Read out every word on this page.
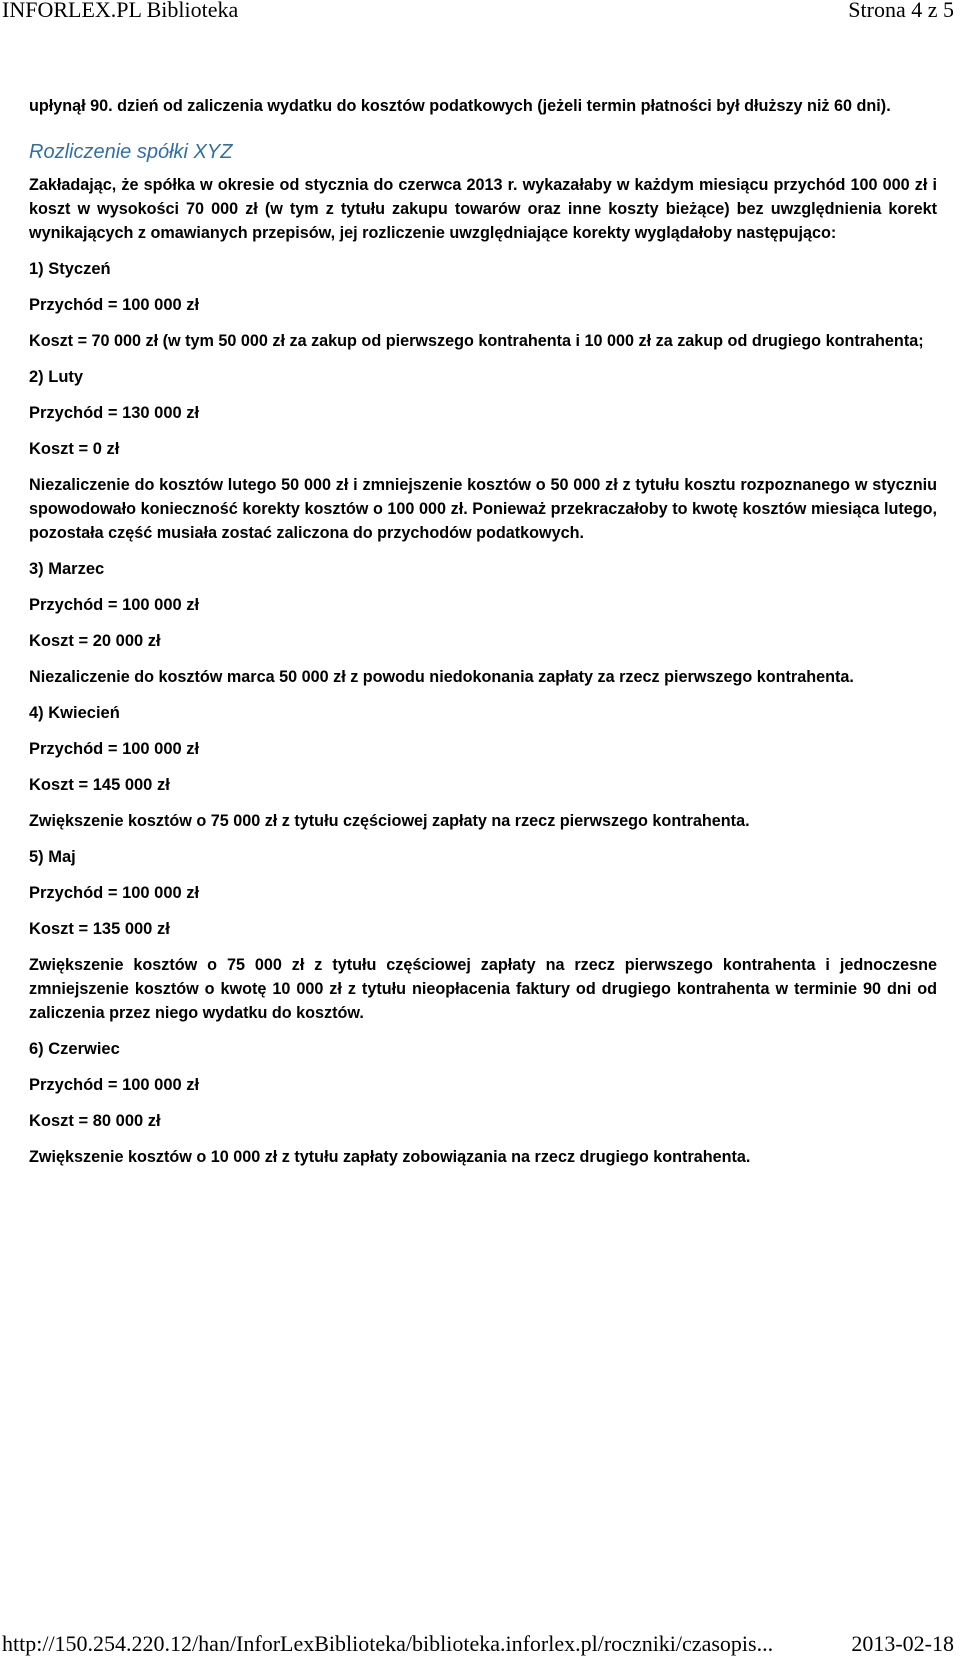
INFORLEX.PL Biblioteka	Strona 4 z 5

upłynął 90. dzień od zaliczenia wydatku do kosztów podatkowych (jeżeli termin płatności był dłuższy niż 60 dni).

Rozliczenie spółki XYZ

Zakładając, że spółka w okresie od stycznia do czerwca 2013 r. wykazałaby w każdym miesiącu przychód 100 000 zł i koszt w wysokości 70 000 zł (w tym z tytułu zakupu towarów oraz inne koszty bieżące) bez uwzględnienia korekt wynikających z omawianych przepisów, jej rozliczenie uwzględniające korekty wyglądałoby następująco:

1) Styczeń

Przychód = 100 000 zł

Koszt = 70 000 zł (w tym 50 000 zł za zakup od pierwszego kontrahenta i 10 000 zł za zakup od drugiego kontrahenta;

2) Luty

Przychód = 130 000 zł

Koszt = 0 zł

Niezaliczenie do kosztów lutego 50 000 zł i zmniejszenie kosztów o 50 000 zł z tytułu kosztu rozpoznanego w styczniu spowodowało konieczność korekty kosztów o 100 000 zł. Ponieważ przekraczałoby to kwotę kosztów miesiąca lutego, pozostała część musiała zostać zaliczona do przychodów podatkowych.

3) Marzec

Przychód = 100 000 zł

Koszt = 20 000 zł

Niezaliczenie do kosztów marca 50 000 zł z powodu niedokonania zapłaty za rzecz pierwszego kontrahenta.

4) Kwiecień

Przychód = 100 000 zł

Koszt = 145 000 zł

Zwiększenie kosztów o 75 000 zł z tytułu częściowej zapłaty na rzecz pierwszego kontrahenta.

5) Maj

Przychód = 100 000 zł

Koszt = 135 000 zł

Zwiększenie kosztów o 75 000 zł z tytułu częściowej zapłaty na rzecz pierwszego kontrahenta i jednoczesne zmniejszenie kosztów o kwotę 10 000 zł z tytułu nieopłacenia faktury od drugiego kontrahenta w terminie 90 dni od zaliczenia przez niego wydatku do kosztów.

6) Czerwiec

Przychód = 100 000 zł

Koszt = 80 000 zł

Zwiększenie kosztów o 10 000 zł z tytułu zapłaty zobowiązania na rzecz drugiego kontrahenta.

http://150.254.220.12/han/InforLexBiblioteka/biblioteka.inforlex.pl/roczniki/czasopis...	2013-02-18
